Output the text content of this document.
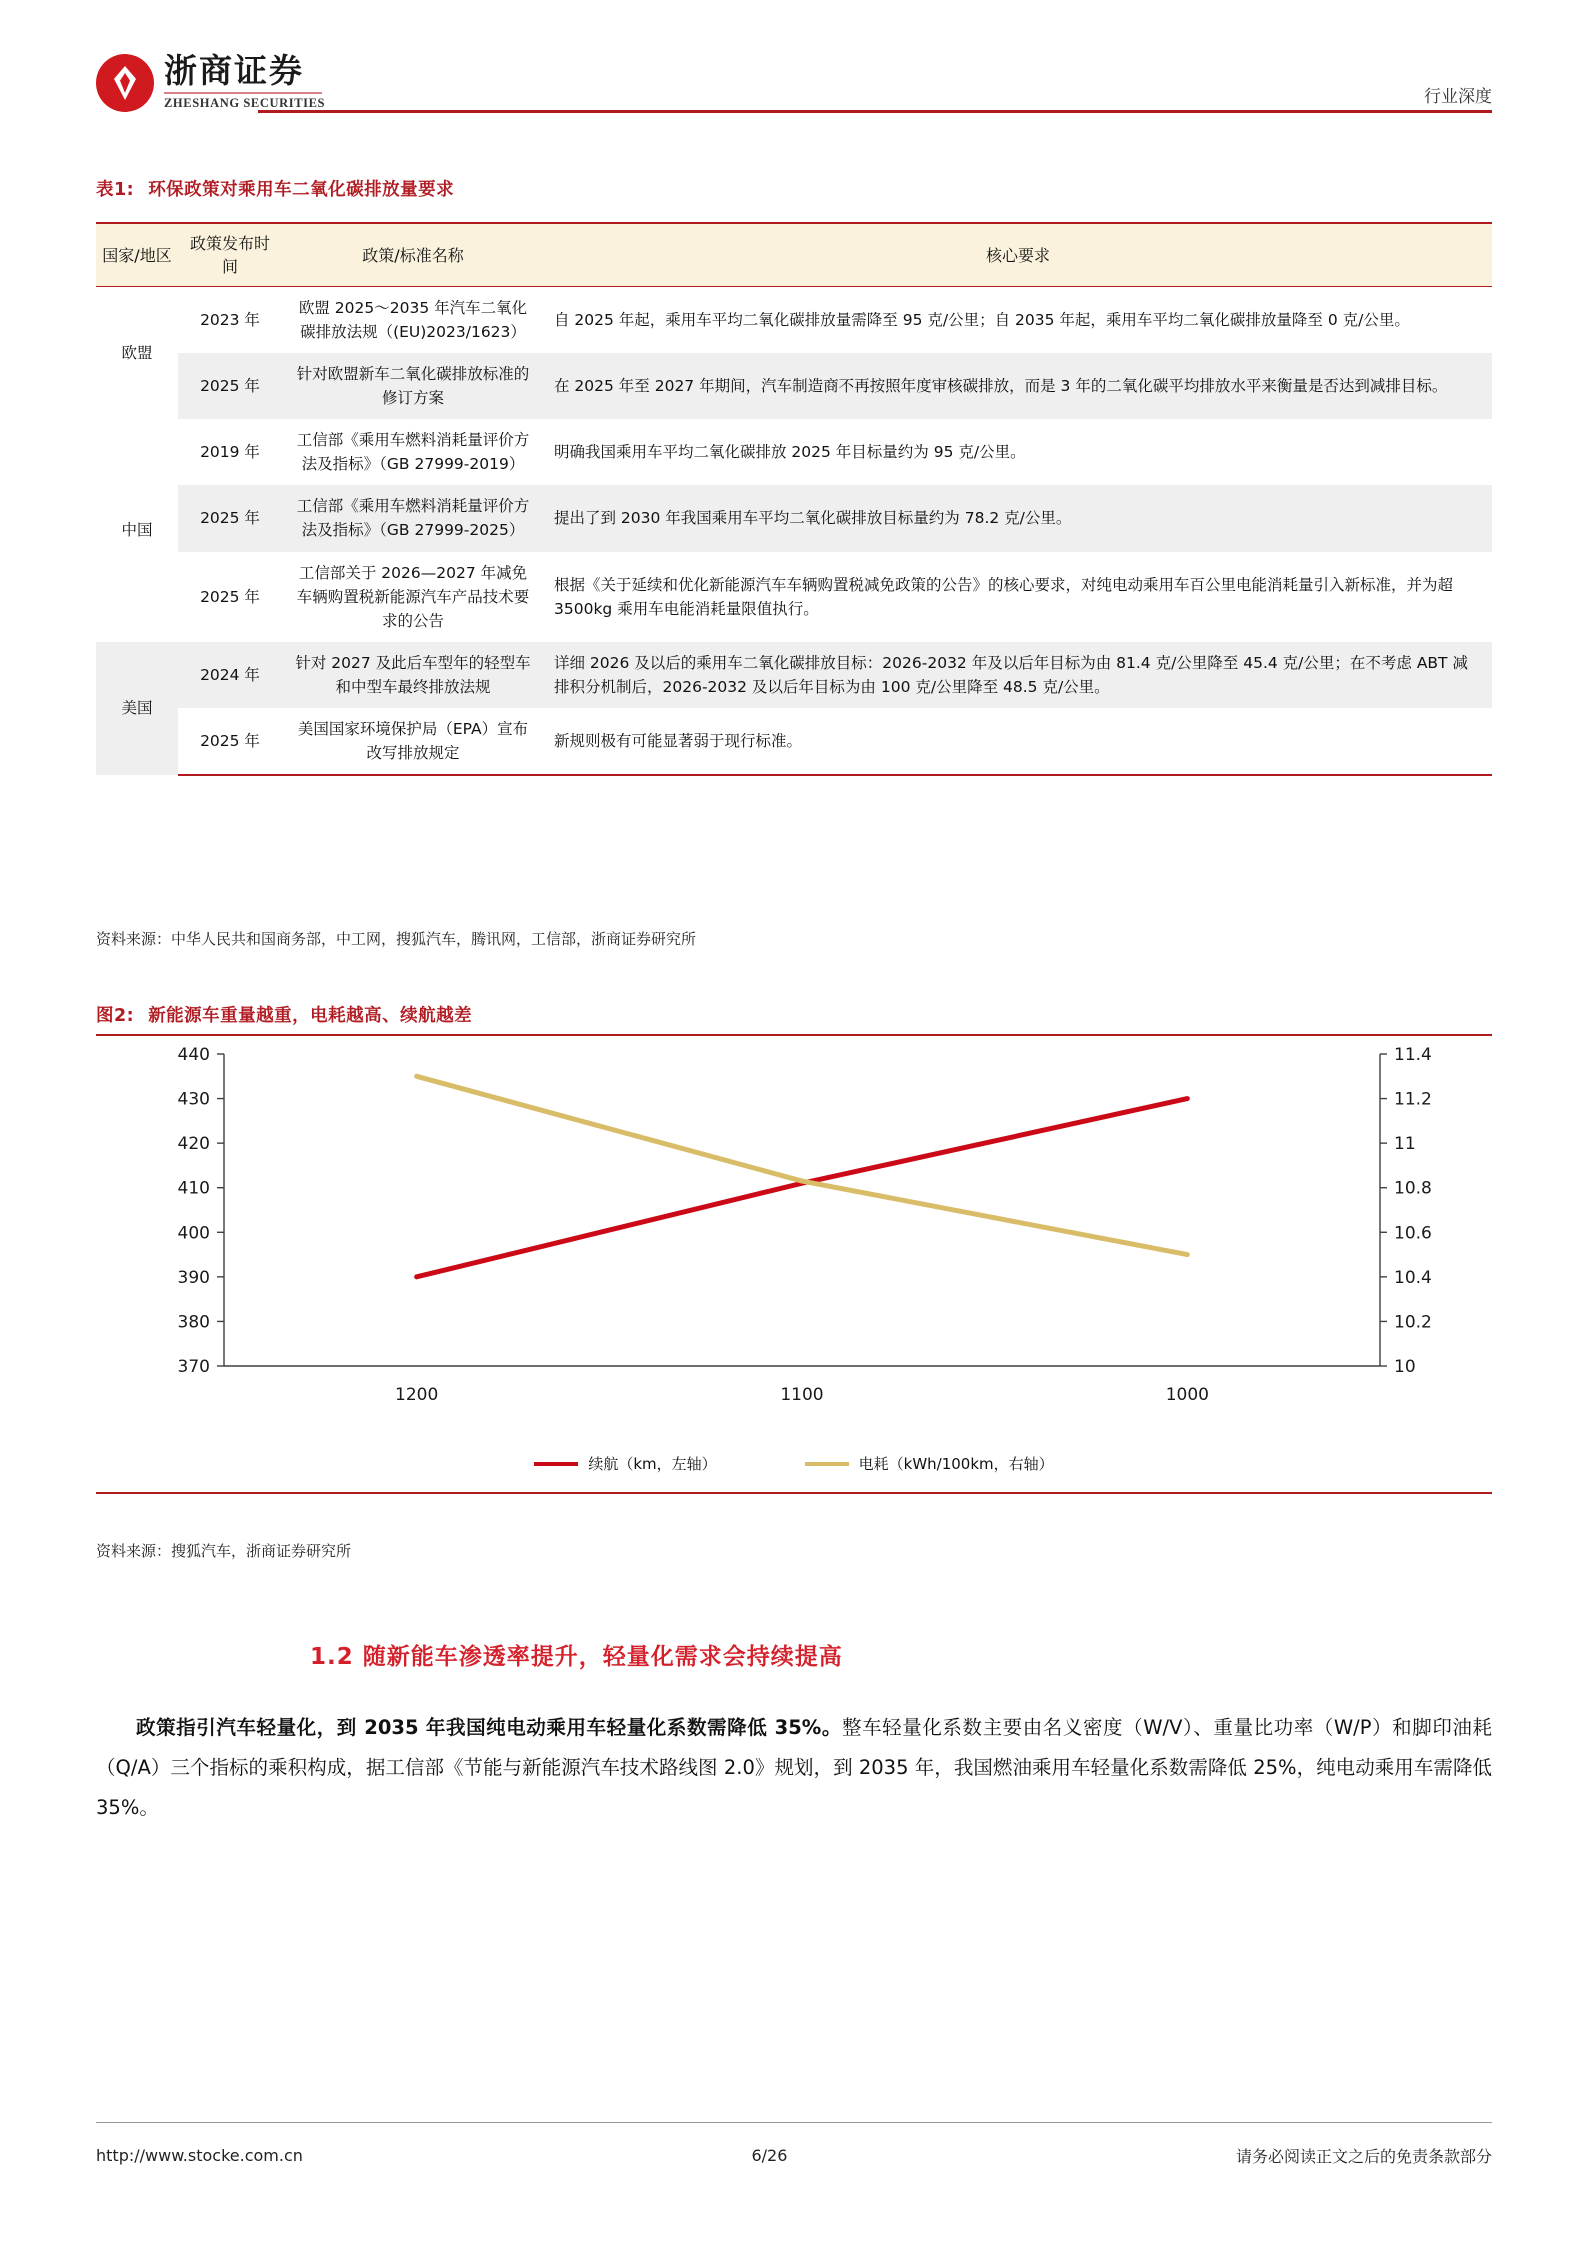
浙商证券
ZHESHANG SECURITIES	行业深度
表1: 环保政策对乘用车二氧化碳排放量要求
国家/地区	政策发布时间	政策/标准名称	核心要求
欧盟	2023 年	欧盟 2025～2035 年汽车二氧化碳排放法规（(EU)2023/1623）	自 2025 年起，乘用车平均二氧化碳排放量需降至 95 克/公里；自 2035 年起，乘用车平均二氧化碳排放量降至 0 克/公里。
	2025 年	针对欧盟新车二氧化碳排放标准的修订方案	在 2025 年至 2027 年期间，汽车制造商不再按照年度审核碳排放，而是 3 年的二氧化碳平均排放水平来衡量是否达到减排目标。
中国	2019 年	工信部《乘用车燃料消耗量评价方法及指标》（GB 27999-2019）	明确我国乘用车平均二氧化碳排放 2025 年目标量约为 95 克/公里。
	2025 年	工信部《乘用车燃料消耗量评价方法及指标》（GB 27999-2025）	提出了到 2030 年我国乘用车平均二氧化碳排放目标量约为 78.2 克/公里。
	2025 年	工信部关于 2026—2027 年减免车辆购置税新能源汽车产品技术要求的公告	根据《关于延续和优化新能源汽车车辆购置税减免政策的公告》的核心要求，对纯电动乘用车百公里电能消耗量引入新标准，并为超 3500kg 乘用车电能消耗量限值执行。
美国	2024 年	针对 2027 及此后车型年的轻型车和中型车最终排放法规	详细 2026 及以后的乘用车二氧化碳排放目标：2026-2032 年及以后年目标为由 81.4 克/公里降至 45.4 克/公里；在不考虑 ABT 减排积分机制后，2026-2032 及以后年目标为由 100 克/公里降至 48.5 克/公里。
	2025 年	美国国家环境保护局（EPA）宣布改写排放规定	新规则极有可能显著弱于现行标准。
资料来源：中华人民共和国商务部，中工网，搜狐汽车，腾讯网，工信部，浙商证券研究所
图2: 新能源车重量越重，电耗越高、续航越差
370
380
390
400
410
420
430
440
10
10.2
10.4
10.6
10.8
11
11.2
11.4
1200	1100	1000
续航（km，左轴）	电耗（kWh/100km，右轴）
资料来源：搜狐汽车，浙商证券研究所
1.2 随新能车渗透率提升，轻量化需求会持续提高
政策指引汽车轻量化，到 2035 年我国纯电动乘用车轻量化系数需降低 35%。整车轻量化系数主要由名义密度（W/V）、重量比功率（W/P）和脚印油耗（Q/A）三个指标的乘积构成，据工信部《节能与新能源汽车技术路线图 2.0》规划，到 2035 年，我国燃油乘用车轻量化系数需降低 25%，纯电动乘用车需降低 35%。
http://www.stocke.com.cn	6/26	请务必阅读正文之后的免责条款部分
